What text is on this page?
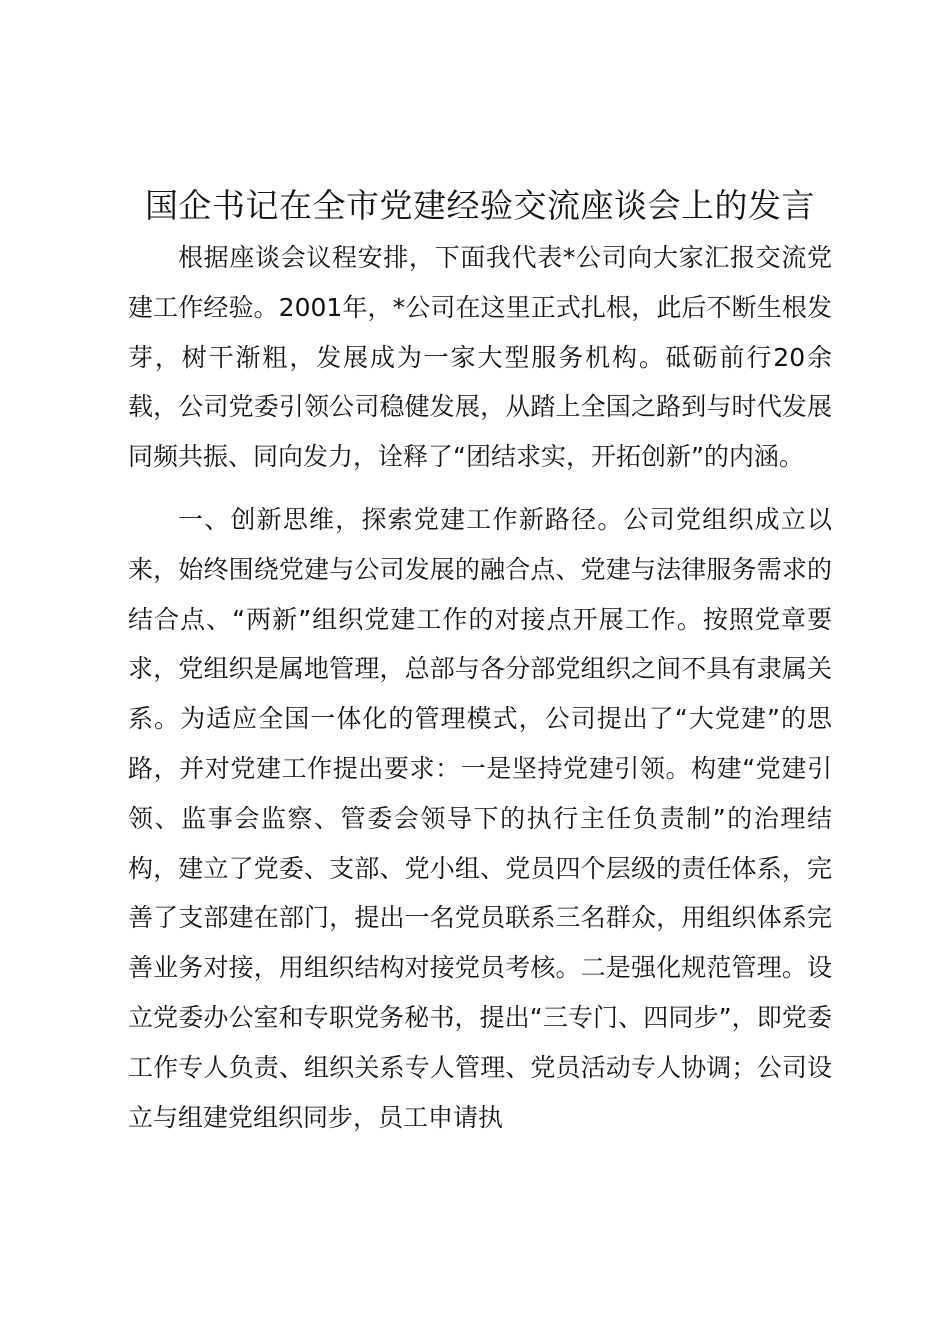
国企书记在全市党建经验交流座谈会上的发言

根据座谈会议程安排，下面我代表*公司向大家汇报交流党建工作经验。2001年，*公司在这里正式扎根，此后不断生根发芽，树干渐粗，发展成为一家大型服务机构。砥砺前行20余载，公司党委引领公司稳健发展，从踏上全国之路到与时代发展同频共振、同向发力，诠释了“团结求实，开拓创新”的内涵。

一、创新思维，探索党建工作新路径。公司党组织成立以来，始终围绕党建与公司发展的融合点、党建与法律服务需求的结合点、“两新”组织党建工作的对接点开展工作。按照党章要求，党组织是属地管理，总部与各分部党组织之间不具有隶属关系。为适应全国一体化的管理模式，公司提出了“大党建”的思路，并对党建工作提出要求：一是坚持党建引领。构建“党建引领、监事会监察、管委会领导下的执行主任负责制”的治理结构，建立了党委、支部、党小组、党员四个层级的责任体系，完善了支部建在部门，提出一名党员联系三名群众，用组织体系完善业务对接，用组织结构对接党员考核。二是强化规范管理。设立党委办公室和专职党务秘书，提出“三专门、四同步”，即党委工作专人负责、组织关系专人管理、党员活动专人协调；公司设立与组建党组织同步，员工申请执
